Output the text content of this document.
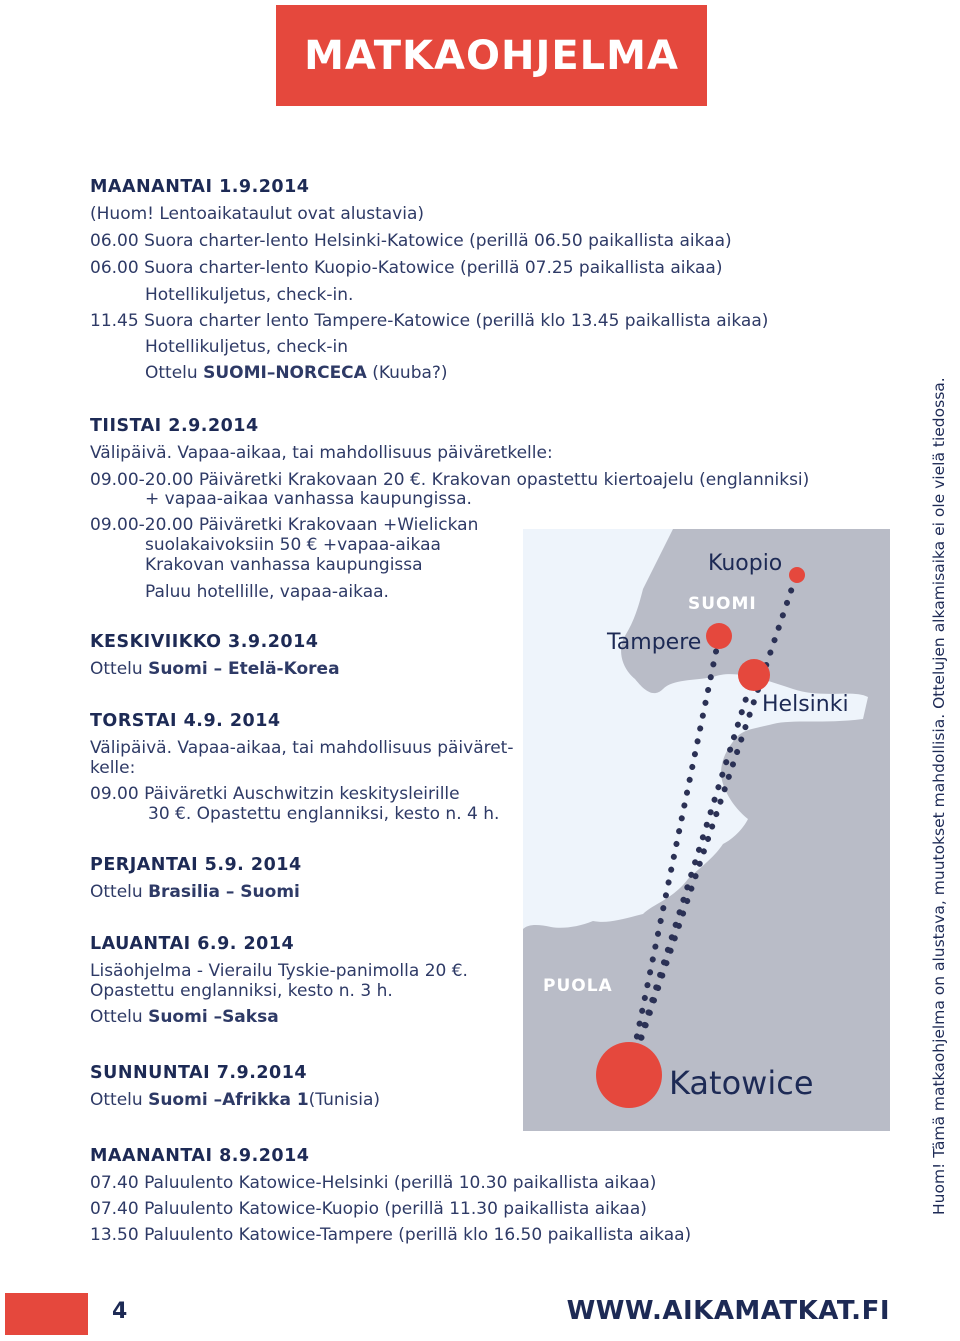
MATKAOHJELMA
MAANANTAI 1.9.2014
(Huom! Lentoaikataulut ovat alustavia)
06.00 Suora charter-lento Helsinki-Katowice (perillä 06.50 paikallista aikaa)
06.00 Suora charter-lento Kuopio-Katowice (perillä 07.25 paikallista aikaa)
Hotellikuljetus, check-in.
11.45 Suora charter lento Tampere-Katowice (perillä klo 13.45 paikallista aikaa)
Hotellikuljetus, check-in
Ottelu SUOMI–NORCECA (Kuuba?)
TIISTAI 2.9.2014
Välipäivä. Vapaa-aikaa, tai mahdollisuus päiväretkelle:
09.00-20.00 Päiväretki Krakovaan 20 €. Krakovan opastettu kiertoajelu (englanniksi)
+ vapaa-aikaa vanhassa kaupungissa.
09.00-20.00 Päiväretki Krakovaan +Wielickan
suolakaivoksiin 50 € +vapaa-aikaa
Krakovan vanhassa kaupungissa
Paluu hotellille, vapaa-aikaa.
KESKIVIIKKO 3.9.2014
Ottelu Suomi – Etelä-Korea
TORSTAI 4.9. 2014
Välipäivä. Vapaa-aikaa, tai mahdollisuus päiväret-
kelle:
09.00 Päiväretki Auschwitzin keskitysleirille
30 €. Opastettu englanniksi, kesto n. 4 h.
PERJANTAI 5.9. 2014
Ottelu Brasilia – Suomi
LAUANTAI 6.9. 2014
Lisäohjelma - Vierailu Tyskie-panimolla 20 €.
Opastettu englanniksi, kesto n. 3 h.
Ottelu Suomi –Saksa
SUNNUNTAI 7.9.2014
Ottelu Suomi –Afrikka 1(Tunisia)
MAANANTAI 8.9.2014
07.40 Paluulento Katowice-Helsinki (perillä 10.30 paikallista aikaa)
07.40 Paluulento Katowice-Kuopio (perillä 11.30 paikallista aikaa)
13.50 Paluulento Katowice-Tampere (perillä klo 16.50 paikallista aikaa)
Kuopio
SUOMI
Tampere
Helsinki
PUOLA
Katowice	Huom! Tämä matkaohjelma on alustava, muutokset mahdollisia. Ottelujen alkamisaika ei ole vielä tiedossa.
4	WWW.AIKAMATKAT.FI
